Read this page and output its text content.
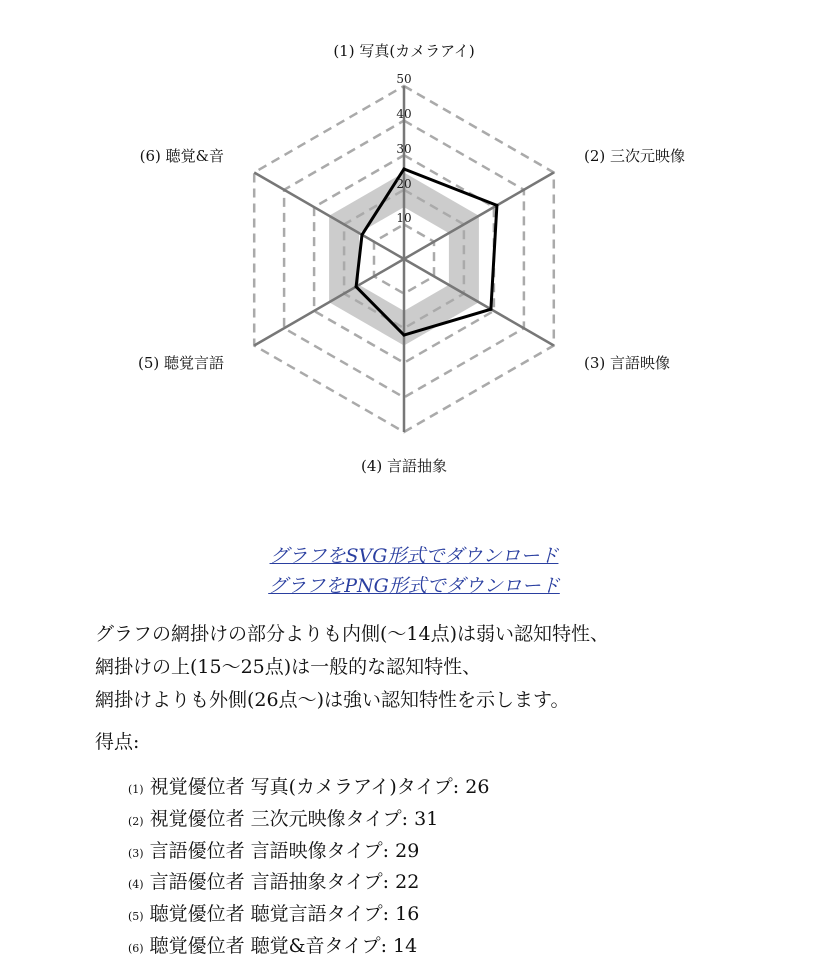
(1) 写真(カメラアイ)
(2) 三次元映像
(3) 言語映像
(4) 言語抽象
(5) 聴覚言語
(6) 聴覚&音
50
40
30
20
10
グラフをSVG形式でダウンロード
グラフをPNG形式でダウンロード

グラフの網掛けの部分よりも内側(〜14点)は弱い認知特性、

網掛けの上(15〜25点)は一般的な認知特性、

網掛けよりも外側(26点〜)は強い認知特性を示します。

得点:
(1) 視覚優位者 写真(カメラアイ)タイプ: 26
(2) 視覚優位者 三次元映像タイプ: 31
(3) 言語優位者 言語映像タイプ: 29
(4) 言語優位者 言語抽象タイプ: 22
(5) 聴覚優位者 聴覚言語タイプ: 16
(6) 聴覚優位者 聴覚&音タイプ: 14
